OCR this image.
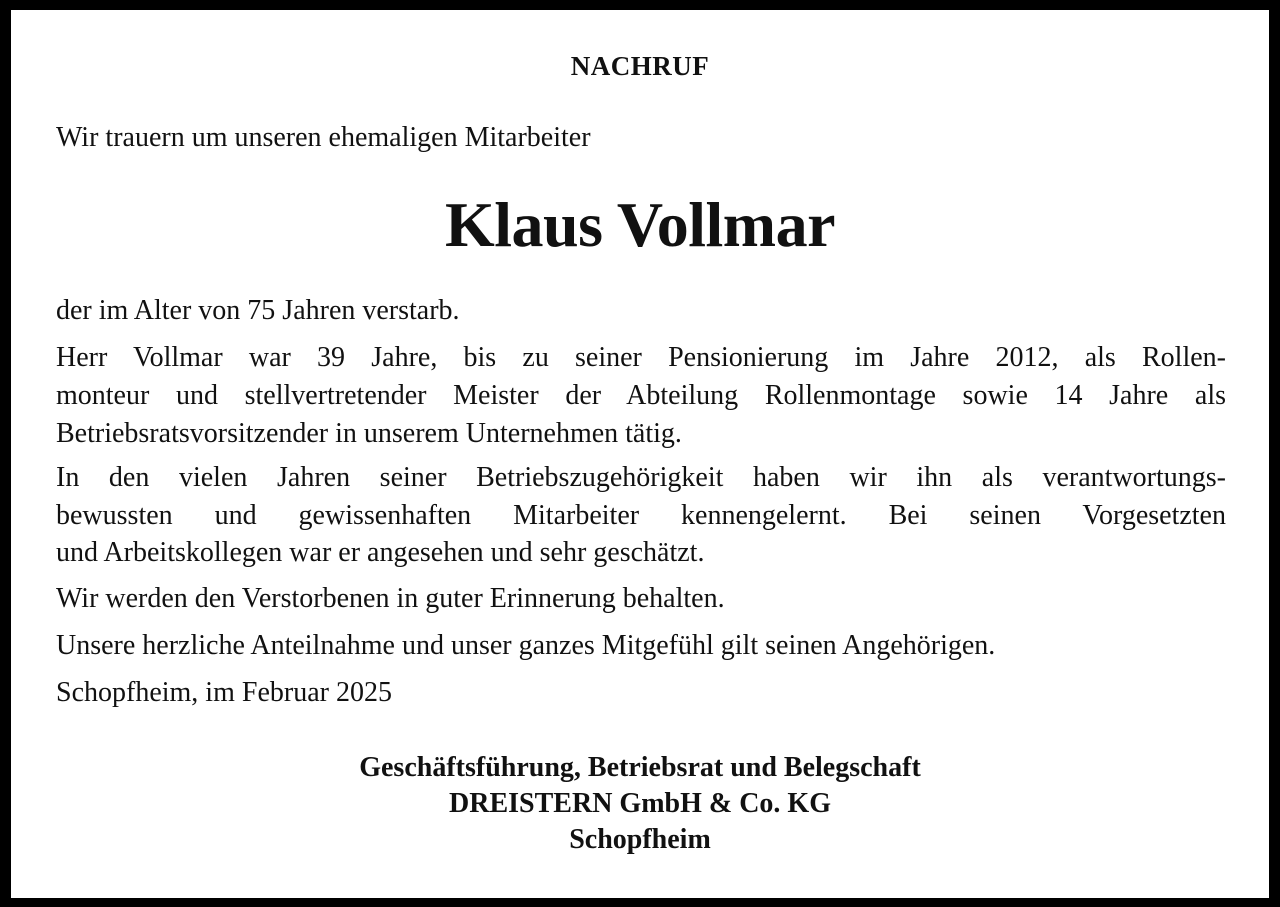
NACHRUF

Wir trauern um unseren ehemaligen Mitarbeiter

Klaus Vollmar

der im Alter von 75 Jahren verstarb.

Herr Vollmar war 39 Jahre, bis zu seiner Pensionierung im Jahre 2012, als Rollen-

monteur und stellvertretender Meister der Abteilung Rollenmontage sowie 14 Jahre als

Betriebsratsvorsitzender in unserem Unternehmen tätig.

In den vielen Jahren seiner Betriebszugehörigkeit haben wir ihn als verantwortungs-

bewussten und gewissenhaften Mitarbeiter kennengelernt. Bei seinen Vorgesetzten

und Arbeitskollegen war er angesehen und sehr geschätzt.

Wir werden den Verstorbenen in guter Erinnerung behalten.

Unsere herzliche Anteilnahme und unser ganzes Mitgefühl gilt seinen Angehörigen.

Schopfheim, im Februar 2025

Geschäftsführung, Betriebsrat und Belegschaft

DREISTERN GmbH & Co. KG

Schopfheim
